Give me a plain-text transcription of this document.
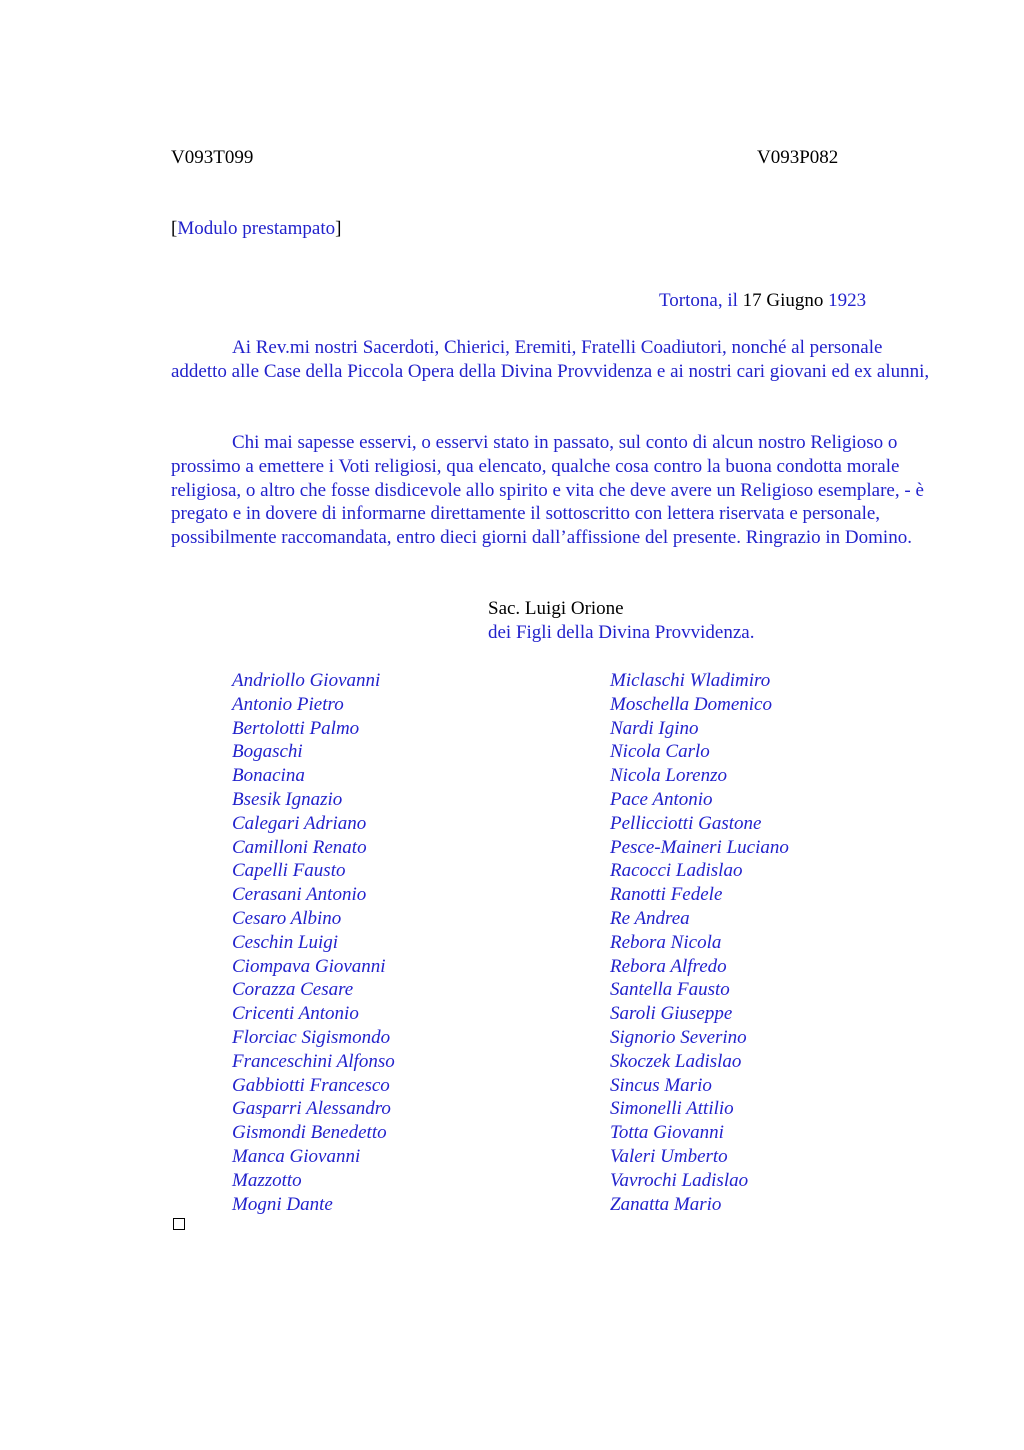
V093T099	V093P082
[Modulo prestampato]
Tortona, il 17 Giugno 1923
Ai Rev.mi nostri Sacerdoti, Chierici, Eremiti, Fratelli Coadiutori, nonché al personale addetto alle Case della Piccola Opera della Divina Provvidenza e ai nostri cari giovani ed ex alunni,
Chi mai sapesse esservi, o esservi stato in passato, sul conto di alcun nostro Religioso o prossimo a emettere i Voti religiosi, qua elencato, qualche cosa contro la buona condotta morale religiosa, o altro che fosse disdicevole allo spirito e vita che deve avere un Religioso esemplare, - è pregato e in dovere di informarne direttamente il sottoscritto con lettera riservata e personale, possibilmente raccomandata, entro dieci giorni dall’affissione del presente. Ringrazio in Domino.
Sac. Luigi Orione
dei Figli della Divina Provvidenza.
Andriollo Giovanni
Antonio Pietro
Bertolotti Palmo
Bogaschi
Bonacina
Bsesik Ignazio
Calegari Adriano
Camilloni Renato
Capelli Fausto
Cerasani Antonio
Cesaro Albino
Ceschin Luigi
Ciompava Giovanni
Corazza Cesare
Cricenti Antonio
Florciac Sigismondo
Franceschini Alfonso
Gabbiotti Francesco
Gasparri Alessandro
Gismondi Benedetto
Manca Giovanni
Mazzotto
Mogni Dante
Miclaschi Wladimiro
Moschella Domenico
Nardi Igino
Nicola Carlo
Nicola Lorenzo
Pace Antonio
Pellicciotti Gastone
Pesce-Maineri Luciano
Racocci Ladislao
Ranotti Fedele
Re Andrea
Rebora Nicola
Rebora Alfredo
Santella Fausto
Saroli Giuseppe
Signorio Severino
Skoczek Ladislao
Sincus Mario
Simonelli Attilio
Totta Giovanni
Valeri Umberto
Vavrochi Ladislao
Zanatta Mario
